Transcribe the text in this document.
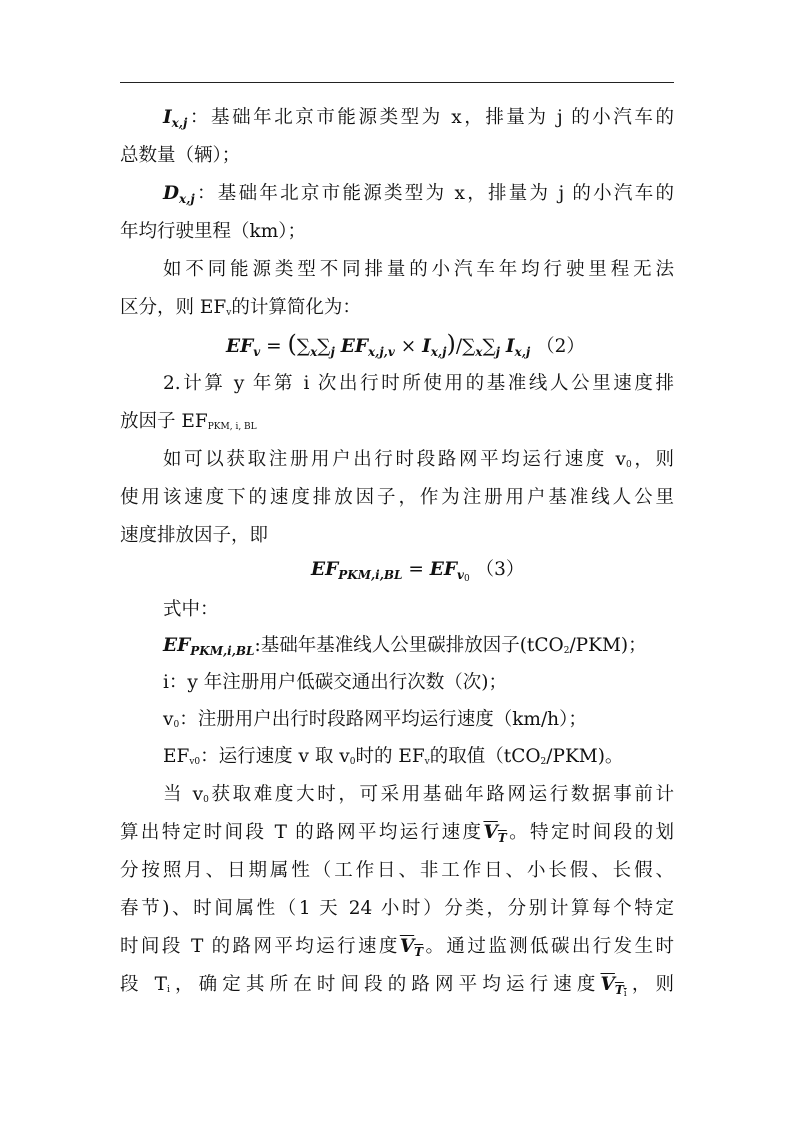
$I_{x,j}$：基础年北京市能源类型为 x，排量为 j 的小汽车的
总数量（辆）；
$D_{x,j}$：基础年北京市能源类型为 x，排量为 j 的小汽车的
年均行驶里程（km）；
如不同能源类型不同排量的小汽车年均行驶里程无法
区分，则 EFv的计算简化为：
$EF_v = (\sum_x\sum_j$ $EF_{x,j,v} \times I_{x,j})/\sum_x\sum_j$ $I_{x,j}$ （2）
2.计算 y 年第 i 次出行时所使用的基准线人公里速度排
放因子 EFPKM, i, BL
如可以获取注册用户出行时段路网平均运行速度 v0，则
使用该速度下的速度排放因子，作为注册用户基准线人公里
速度排放因子，即
$EF_{PKM,i,BL} = EF_{v0}$ （3）
式中：
$EF_{PKM,i,BL}$:基础年基准线人公里碳排放因子(tCO2/PKM)；
i：y 年注册用户低碳交通出行次数（次)；
v0：注册用户出行时段路网平均运行速度（km/h）；
EFv0：运行速度 v 取 v0时的 EFv的取值（tCO2/PKM)。
当 v0获取难度大时，可采用基础年路网运行数据事前计
算出特定时间段 T 的路网平均运行速度$V_T$。特定时间段的划
分按照月、日期属性（工作日、非工作日、小长假、长假、
春节)、时间属性（1 天 24 小时）分类，分别计算每个特定
时间段 T 的路网平均运行速度$V_T$。通过监测低碳出行发生时
段 Ti，确定其所在时间段的路网平均运行速度$V_{Ti}$，则
